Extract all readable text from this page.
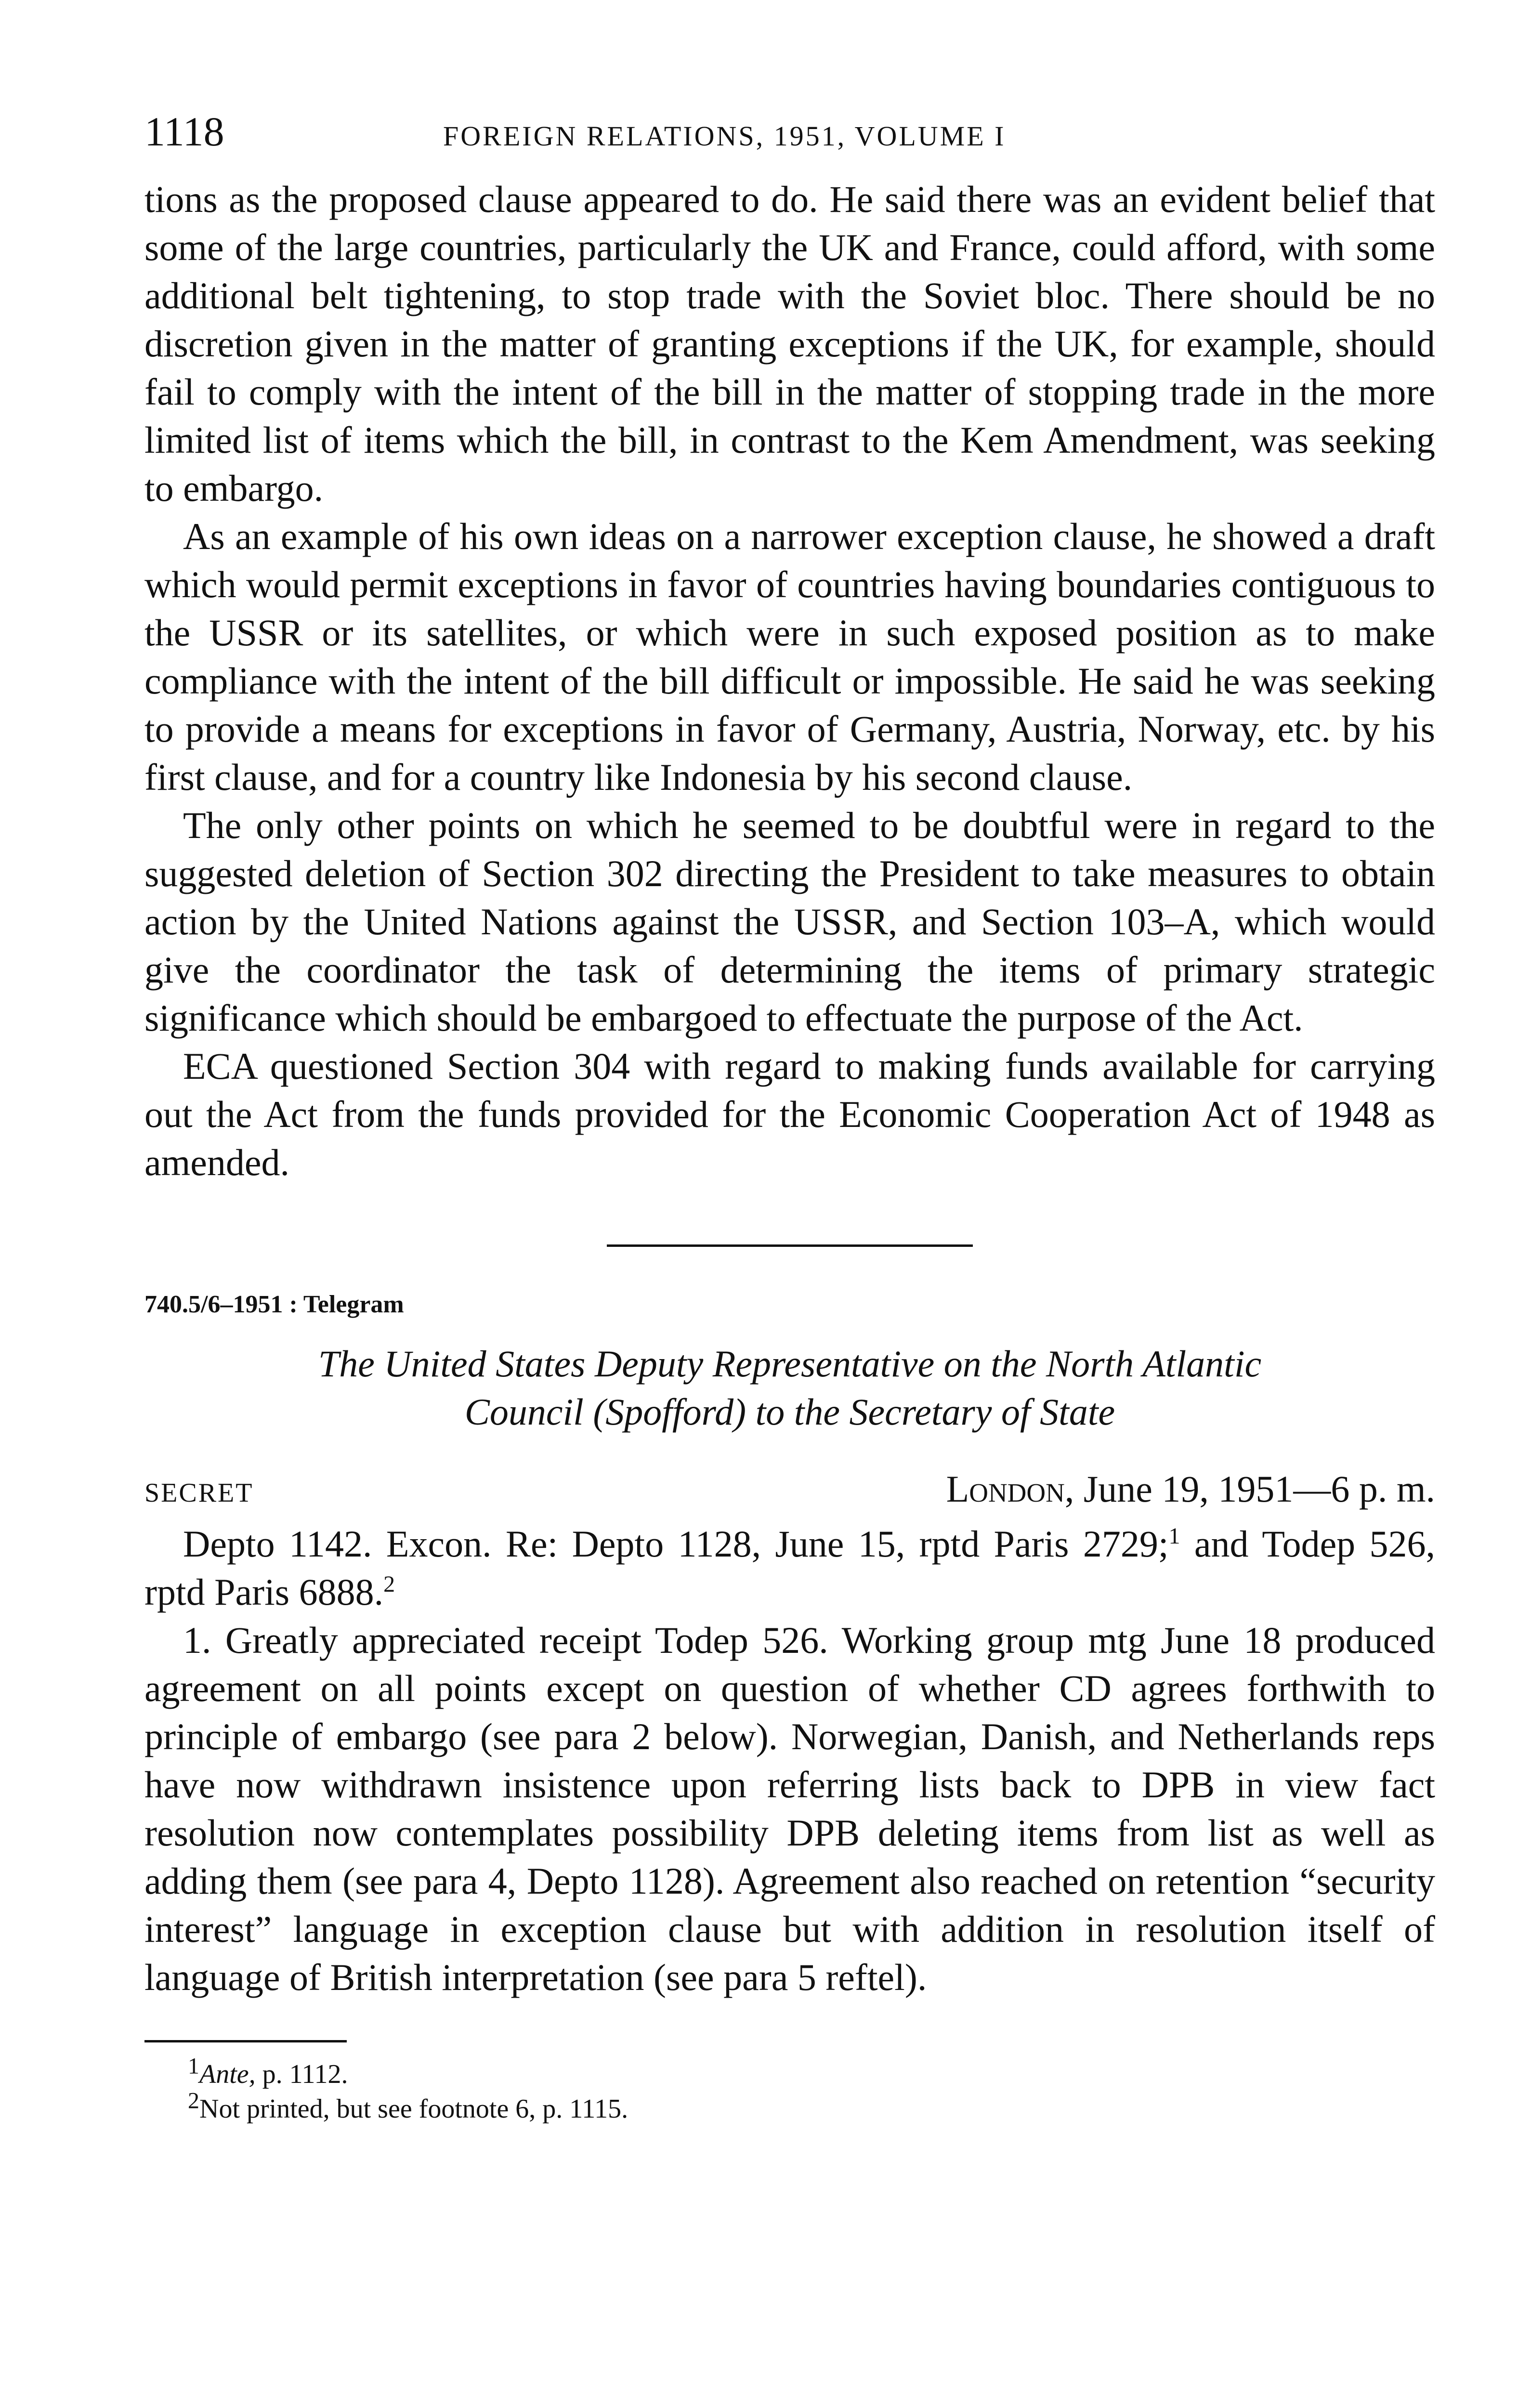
1118	FOREIGN RELATIONS, 1951, VOLUME I

tions as the proposed clause appeared to do. He said there was an evident belief that some of the large countries, particularly the UK and France, could afford, with some additional belt tightening, to stop trade with the Soviet bloc. There should be no discretion given in the matter of granting exceptions if the UK, for example, should fail to comply with the intent of the bill in the matter of stopping trade in the more limited list of items which the bill, in contrast to the Kem Amendment, was seeking to embargo.

As an example of his own ideas on a narrower exception clause, he showed a draft which would permit exceptions in favor of countries having boundaries contiguous to the USSR or its satellites, or which were in such exposed position as to make compliance with the intent of the bill difficult or impossible. He said he was seeking to provide a means for exceptions in favor of Germany, Austria, Norway, etc. by his first clause, and for a country like Indonesia by his second clause.

The only other points on which he seemed to be doubtful were in regard to the suggested deletion of Section 302 directing the President to take measures to obtain action by the United Nations against the USSR, and Section 103–A, which would give the coordinator the task of determining the items of primary strategic significance which should be embargoed to effectuate the purpose of the Act.

ECA questioned Section 304 with regard to making funds available for carrying out the Act from the funds provided for the Economic Cooperation Act of 1948 as amended.

740.5/6–1951 : Telegram

The United States Deputy Representative on the North Atlantic
Council (Spofford) to the Secretary of State
SECRET	London, June 19, 1951—6 p. m.

Depto 1142. Excon. Re: Depto 1128, June 15, rptd Paris 2729;$^1$ and Todep 526, rptd Paris 6888.$^2$

1. Greatly appreciated receipt Todep 526. Working group mtg June 18 produced agreement on all points except on question of whether CD agrees forthwith to principle of embargo (see para 2 below). Norwegian, Danish, and Netherlands reps have now withdrawn insistence upon referring lists back to DPB in view fact resolution now contemplates possibility DPB deleting items from list as well as adding them (see para 4, Depto 1128). Agreement also reached on retention “security interest” language in exception clause but with addition in resolution itself of language of British interpretation (see para 5 reftel).

$^1$Ante, p. 1112.

$^2$Not printed, but see footnote 6, p. 1115.
